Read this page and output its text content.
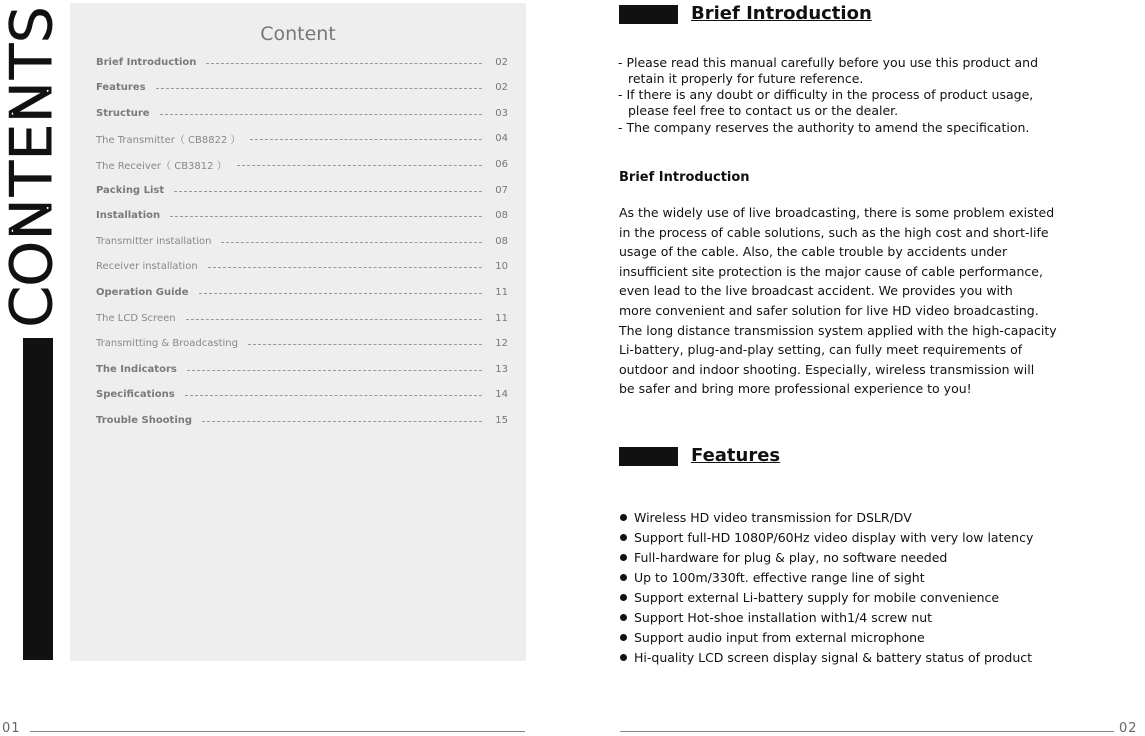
CONTENTS	Content
Brief Introduction	02
Features	02
Structure	03
The Transmitter（ CB8822 ）	04
The Receiver（ CB3812 ）	06
Packing List	07
Installation	08
Transmitter installation	08
Receiver installation	10
Operation Guide	11
The LCD Screen	11
Transmitting & Broadcasting	12
The Indicators	13
Specifications	14
Trouble Shooting	15
01
Brief Introduction
- Please read this manual carefully before you use this product and
retain it properly for future reference.
- If there is any doubt or difficulty in the process of product usage,
please feel free to contact us or the dealer.
- The company reserves the authority to amend the specification.
Brief Introduction
As the widely use of live broadcasting, there is some problem existed
in the process of cable solutions, such as the high cost and short-life
usage of the cable. Also, the cable trouble by accidents under
insufficient site protection is the major cause of cable performance,
even lead to the live broadcast accident. We provides you with
more convenient and safer solution for live HD video broadcasting.
The long distance transmission system applied with the high-capacity
Li-battery, plug-and-play setting, can fully meet requirements of
outdoor and indoor shooting. Especially, wireless transmission will
be safer and bring more professional experience to you!
Features
Wireless HD video transmission for DSLR/DV
Support full-HD 1080P/60Hz video display with very low latency
Full-hardware for plug & play, no software needed
Up to 100m/330ft. effective range line of sight
Support external Li-battery supply for mobile convenience
Support Hot-shoe installation with1/4 screw nut
Support audio input from external microphone
Hi-quality LCD screen display signal & battery status of product
02
